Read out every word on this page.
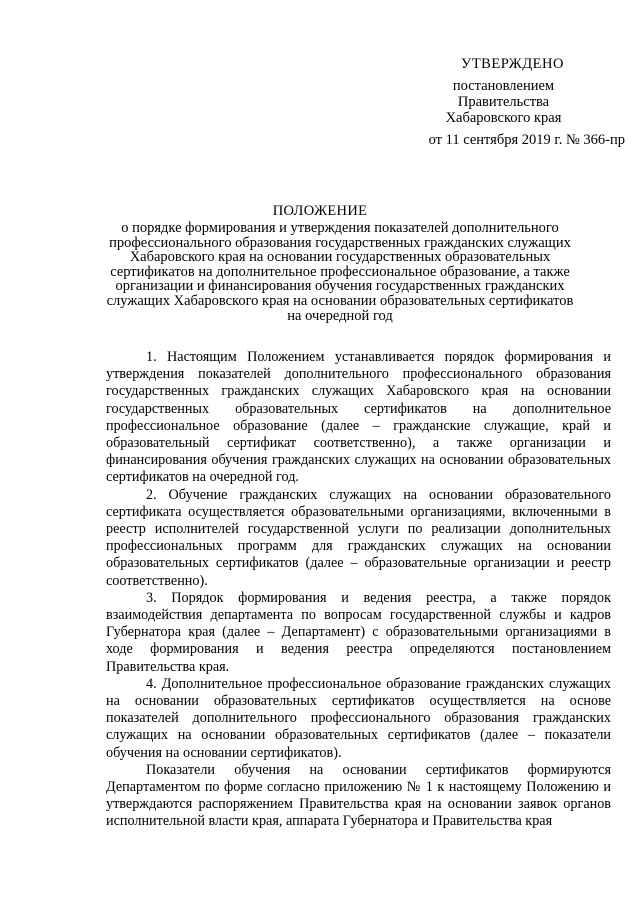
УТВЕРЖДЕНО
постановлением
Правительства
Хабаровского края
от 11 сентября 2019 г. № 366-пр
ПОЛОЖЕНИЕ
о порядке формирования и утверждения показателей дополнительного профессионального образования государственных гражданских служащих Хабаровского края на основании государственных образовательных сертификатов на дополнительное профессиональное образование, а также организации и финансирования обучения государственных гражданских служащих Хабаровского края на основании образовательных сертификатов на очередной год

1. Настоящим Положением устанавливается порядок формирования и утверждения показателей дополнительного профессионального образования государственных гражданских служащих Хабаровского края на основании государственных образовательных сертификатов на дополнительное профессиональное образование (далее – гражданские служащие, край и образовательный сертификат соответственно), а также организации и финансирования обучения гражданских служащих на основании образовательных сертификатов на очередной год.

2. Обучение гражданских служащих на основании образовательного сертификата осуществляется образовательными организациями, включенными в реестр исполнителей государственной услуги по реализации дополнительных профессиональных программ для гражданских служащих на основании образовательных сертификатов (далее – образовательные организации и реестр соответственно).

3. Порядок формирования и ведения реестра, а также порядок взаимодействия департамента по вопросам государственной службы и кадров Губернатора края (далее – Департамент) с образовательными организациями в ходе формирования и ведения реестра определяются постановлением Правительства края.

4. Дополнительное профессиональное образование гражданских служащих на основании образовательных сертификатов осуществляется на основе показателей дополнительного профессионального образования гражданских служащих на основании образовательных сертификатов (далее – показатели обучения на основании сертификатов).

Показатели обучения на основании сертификатов формируются Департаментом по форме согласно приложению № 1 к настоящему Положению и утверждаются распоряжением Правительства края на основании заявок органов исполнительной власти края, аппарата Губернатора и Правительства края
